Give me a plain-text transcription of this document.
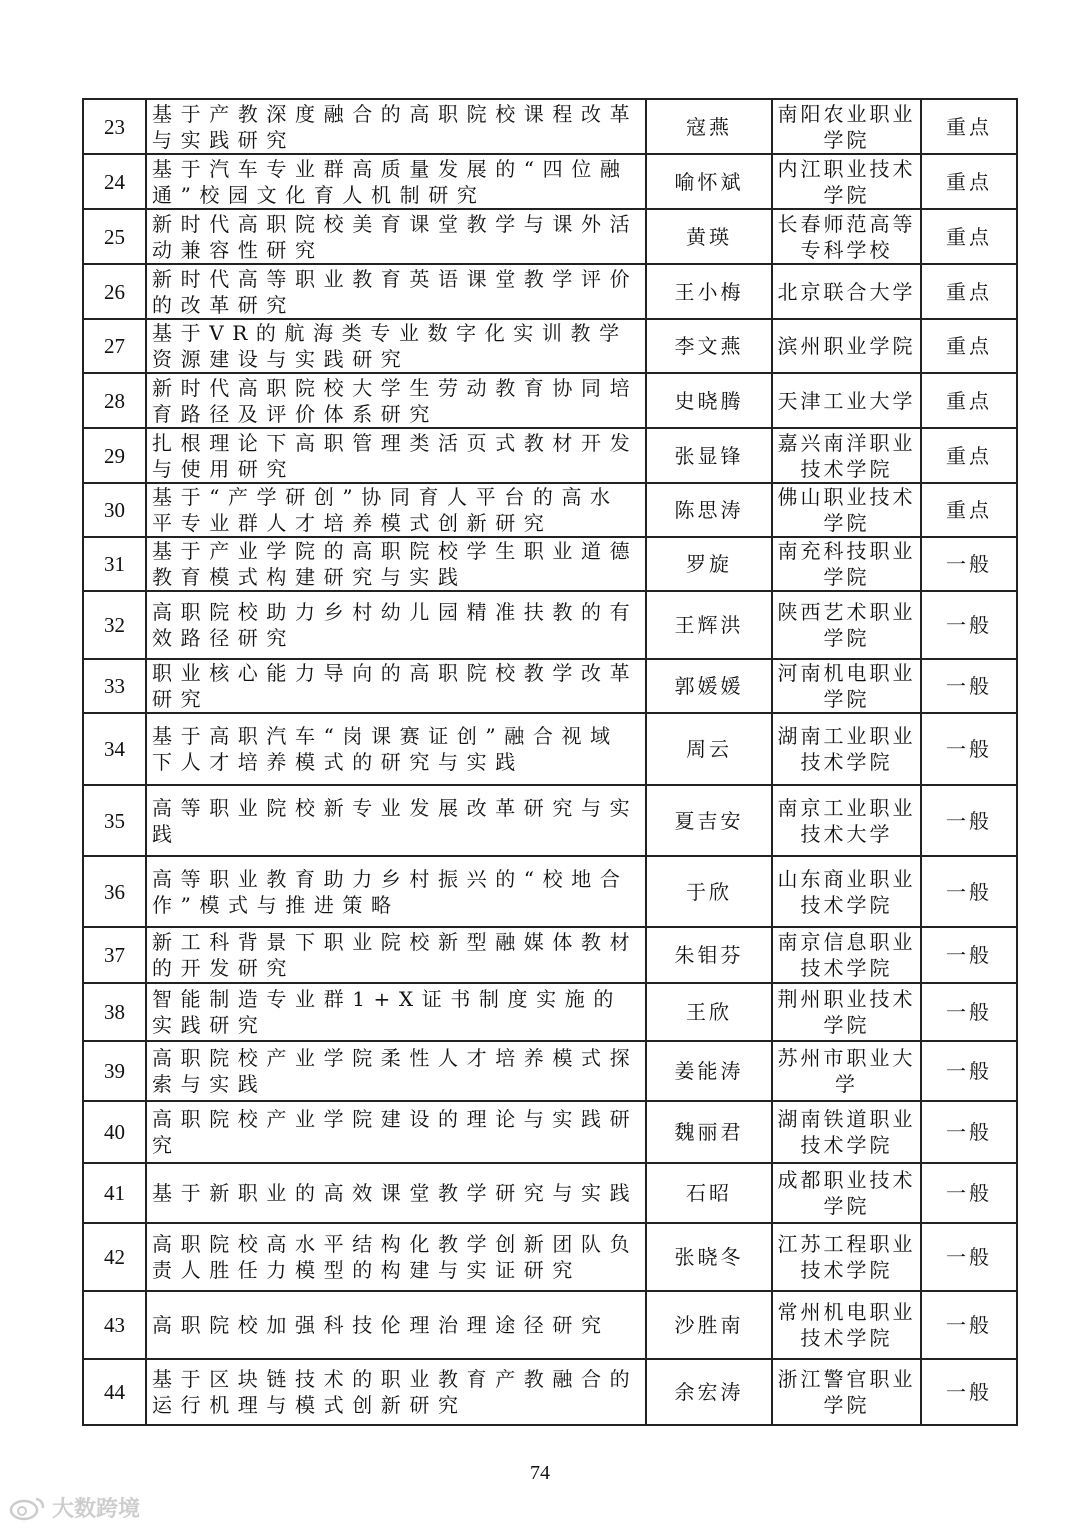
23	基于产教深度融合的高职院校课程改革与实践研究	寇燕	南阳农业职业学院	重点
24	基于汽车专业群高质量发展的“四位融通”校园文化育人机制研究	喻怀斌	内江职业技术学院	重点
25	新时代高职院校美育课堂教学与课外活动兼容性研究	黄瑛	长春师范高等专科学校	重点
26	新时代高等职业教育英语课堂教学评价的改革研究	王小梅	北京联合大学	重点
27	基于VR的航海类专业数字化实训教学资源建设与实践研究	李文燕	滨州职业学院	重点
28	新时代高职院校大学生劳动教育协同培育路径及评价体系研究	史晓腾	天津工业大学	重点
29	扎根理论下高职管理类活页式教材开发与使用研究	张显锋	嘉兴南洋职业技术学院	重点
30	基于“产学研创”协同育人平台的高水平专业群人才培养模式创新研究	陈思涛	佛山职业技术学院	重点
31	基于产业学院的高职院校学生职业道德教育模式构建研究与实践	罗旋	南充科技职业学院	一般
32	高职院校助力乡村幼儿园精准扶教的有效路径研究	王辉洪	陕西艺术职业学院	一般
33	职业核心能力导向的高职院校教学改革研究	郭媛媛	河南机电职业学院	一般
34	基于高职汽车“岗课赛证创”融合视域下人才培养模式的研究与实践	周云	湖南工业职业技术学院	一般
35	高等职业院校新专业发展改革研究与实践	夏吉安	南京工业职业技术大学	一般
36	高等职业教育助力乡村振兴的“校地合作”模式与推进策略	于欣	山东商业职业技术学院	一般
37	新工科背景下职业院校新型融媒体教材的开发研究	朱钼芬	南京信息职业技术学院	一般
38	智能制造专业群1+X证书制度实施的实践研究	王欣	荆州职业技术学院	一般
39	高职院校产业学院柔性人才培养模式探索与实践	姜能涛	苏州市职业大学	一般
40	高职院校产业学院建设的理论与实践研究	魏丽君	湖南铁道职业技术学院	一般
41	基于新职业的高效课堂教学研究与实践	石昭	成都职业技术学院	一般
42	高职院校高水平结构化教学创新团队负责人胜任力模型的构建与实证研究	张晓冬	江苏工程职业技术学院	一般
43	高职院校加强科技伦理治理途径研究	沙胜南	常州机电职业技术学院	一般
44	基于区块链技术的职业教育产教融合的运行机理与模式创新研究	余宏涛	浙江警官职业学院	一般
74
大数跨境
